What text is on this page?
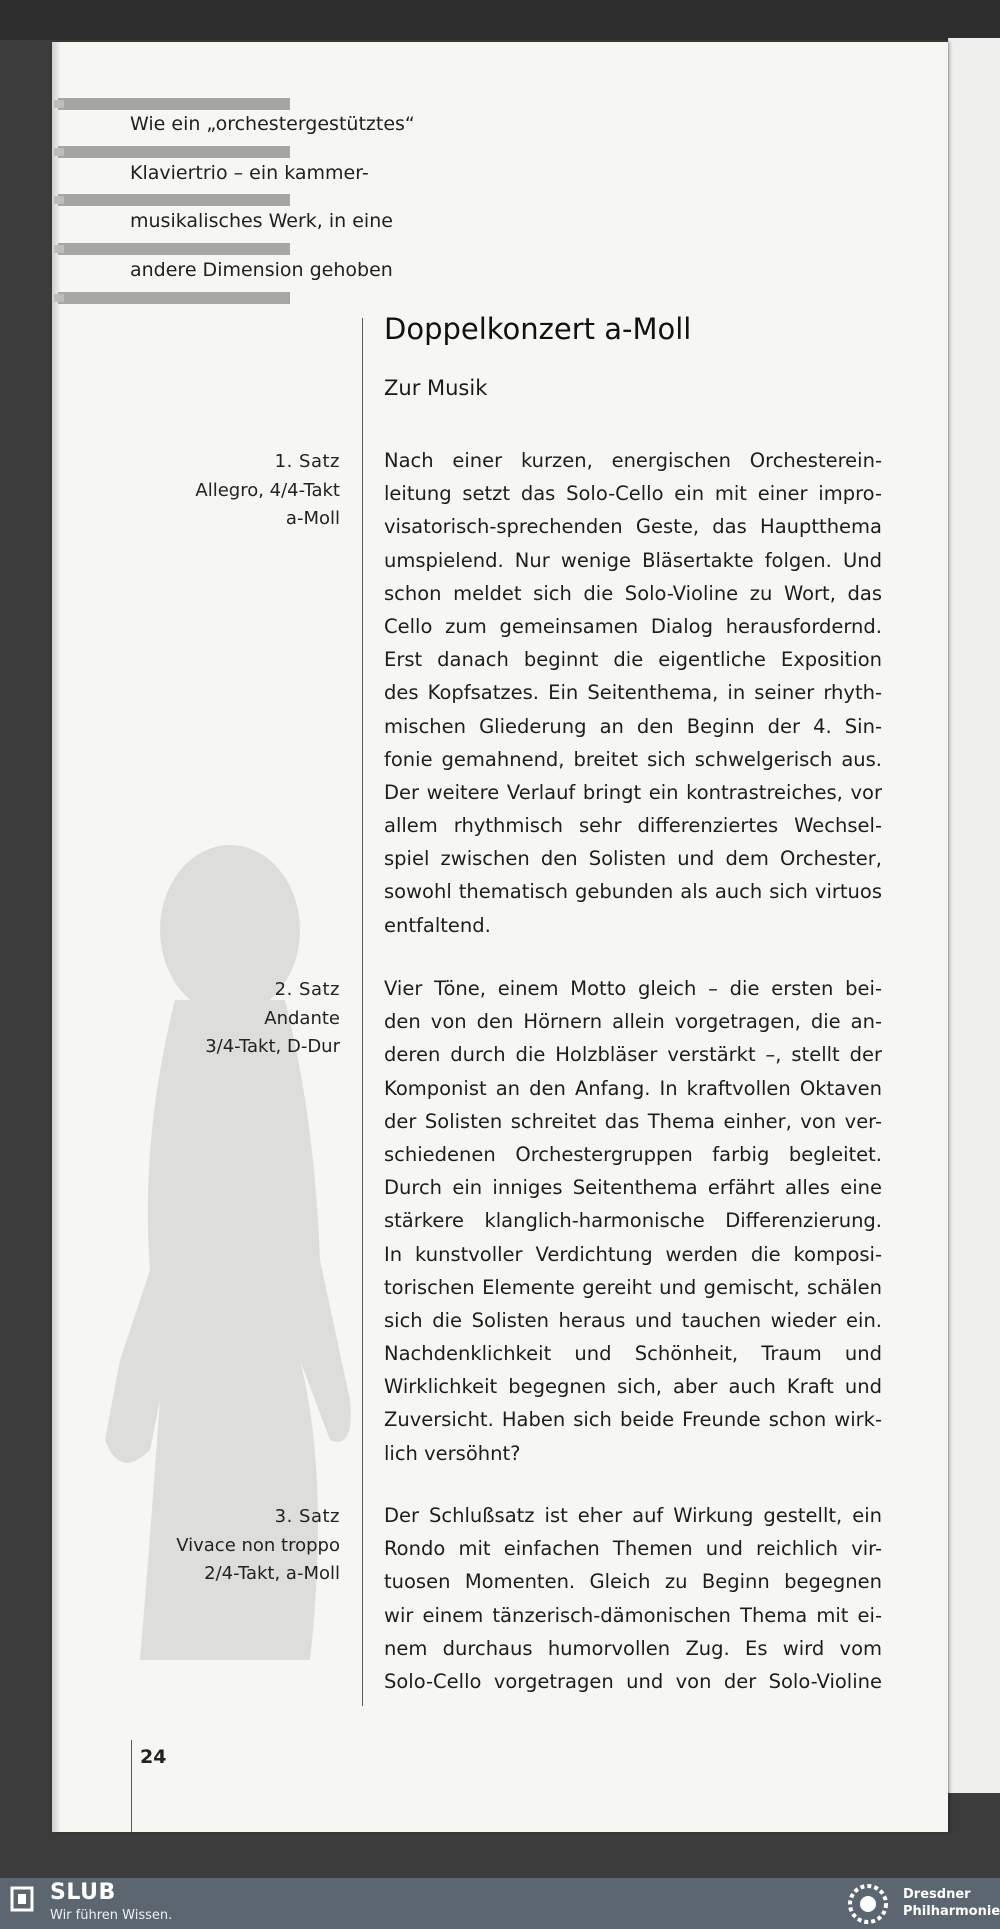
Wie ein „orchestergestütztes“
Klaviertrio – ein kammer-
musikalisches Werk, in eine
andere Dimension gehoben
Doppelkonzert a-Moll
Zur Musik
1. Satz
Allegro, 4/4-Takt
a-Moll
2. Satz
Andante
3/4-Takt, D-Dur
3. Satz
Vivace non troppo
2/4-Takt, a-Moll
Nach einer kurzen, energischen Orchesterein-
leitung setzt das Solo-Cello ein mit einer impro-
visatorisch-sprechenden Geste, das Hauptthema
umspielend. Nur wenige Bläsertakte folgen. Und
schon meldet sich die Solo-Violine zu Wort, das
Cello zum gemeinsamen Dialog herausfordernd.
Erst danach beginnt die eigentliche Exposition
des Kopfsatzes. Ein Seitenthema, in seiner rhyth-
mischen Gliederung an den Beginn der 4. Sin-
fonie gemahnend, breitet sich schwelgerisch aus.
Der weitere Verlauf bringt ein kontrastreiches, vor
allem rhythmisch sehr differenziertes Wechsel-
spiel zwischen den Solisten und dem Orchester,
sowohl thematisch gebunden als auch sich virtuos
entfaltend.
Vier Töne, einem Motto gleich – die ersten bei-
den von den Hörnern allein vorgetragen, die an-
deren durch die Holzbläser verstärkt –, stellt der
Komponist an den Anfang. In kraftvollen Oktaven
der Solisten schreitet das Thema einher, von ver-
schiedenen Orchestergruppen farbig begleitet.
Durch ein inniges Seitenthema erfährt alles eine
stärkere klanglich-harmonische Differenzierung.
In kunstvoller Verdichtung werden die komposi-
torischen Elemente gereiht und gemischt, schälen
sich die Solisten heraus und tauchen wieder ein.
Nachdenklichkeit und Schönheit, Traum und
Wirklichkeit begegnen sich, aber auch Kraft und
Zuversicht. Haben sich beide Freunde schon wirk-
lich versöhnt?
Der Schlußsatz ist eher auf Wirkung gestellt, ein
Rondo mit einfachen Themen und reichlich vir-
tuosen Momenten. Gleich zu Beginn begegnen
wir einem tänzerisch-dämonischen Thema mit ei-
nem durchaus humorvollen Zug. Es wird vom
Solo-Cello vorgetragen und von der Solo-Violine
24
SLUB
Wir führen Wissen.
Dresdner
Philharmonie
